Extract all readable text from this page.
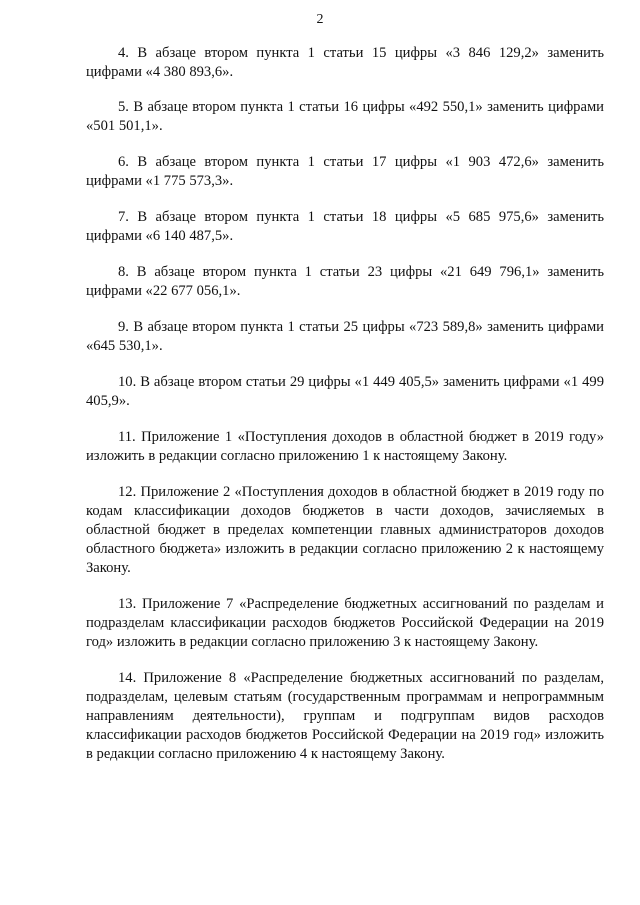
2

4. В абзаце втором пункта 1 статьи 15 цифры «3 846 129,2» заменить цифрами «4 380 893,6».

5. В абзаце втором пункта 1 статьи 16 цифры «492 550,1» заменить цифрами «501 501,1».

6. В абзаце втором пункта 1 статьи 17 цифры «1 903 472,6» заменить цифрами «1 775 573,3».

7. В абзаце втором пункта 1 статьи 18 цифры «5 685 975,6» заменить цифрами «6 140 487,5».

8. В абзаце втором пункта 1 статьи 23 цифры «21 649 796,1» заменить цифрами «22 677 056,1».

9. В абзаце втором пункта 1 статьи 25 цифры «723 589,8» заменить цифрами «645 530,1».

10. В абзаце втором статьи 29 цифры «1 449 405,5» заменить цифрами «1 499 405,9».

11. Приложение 1 «Поступления доходов в областной бюджет в 2019 году» изложить в редакции согласно приложению 1 к настоящему Закону.

12. Приложение 2 «Поступления доходов в областной бюджет в 2019 году по кодам классификации доходов бюджетов в части доходов, зачисляемых в областной бюджет в пределах компетенции главных администраторов доходов областного бюджета» изложить в редакции согласно приложению 2 к настоящему Закону.

13. Приложение 7 «Распределение бюджетных ассигнований по разделам и подразделам классификации расходов бюджетов Российской Федерации на 2019 год» изложить в редакции согласно приложению 3 к настоящему Закону.

14. Приложение 8 «Распределение бюджетных ассигнований по разделам, подразделам, целевым статьям (государственным программам и непрограммным направлениям деятельности), группам и подгруппам видов расходов классификации расходов бюджетов Российской Федерации на 2019 год» изложить в редакции согласно приложению 4 к настоящему Закону.
